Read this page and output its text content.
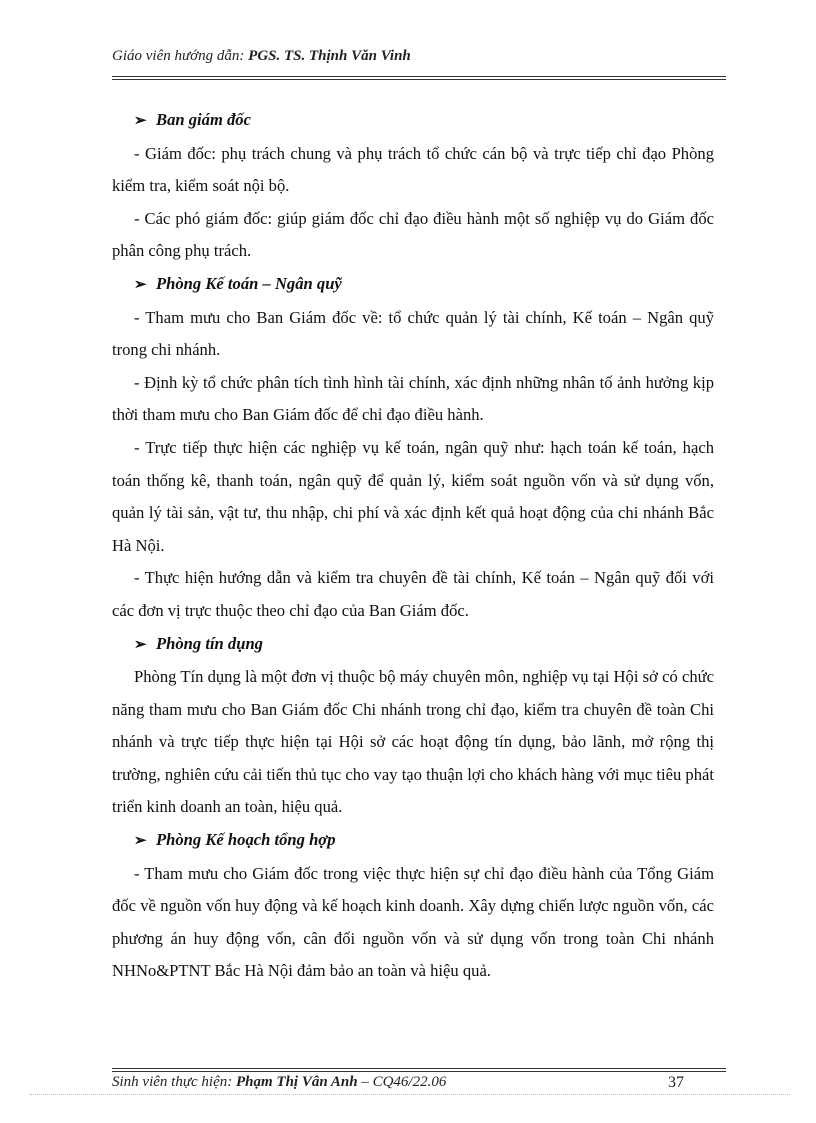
Giáo viên hướng dẫn: PGS. TS. Thịnh Văn Vinh
➢ Ban giám đốc

- Giám đốc: phụ trách chung và phụ trách tổ chức cán bộ và trực tiếp chỉ đạo Phòng kiểm tra, kiểm soát nội bộ.

- Các phó giám đốc: giúp giám đốc chỉ đạo điều hành một số nghiệp vụ do Giám đốc phân công phụ trách.

➢ Phòng Kế toán – Ngân quỹ

- Tham mưu cho Ban Giám đốc về: tổ chức quản lý tài chính, Kế toán – Ngân quỹ trong chi nhánh.

- Định kỳ tổ chức phân tích tình hình tài chính, xác định những nhân tố ảnh hưởng kịp thời tham mưu cho Ban Giám đốc để chỉ đạo điều hành.

- Trực tiếp thực hiện các nghiệp vụ kế toán, ngân quỹ như: hạch toán kế toán, hạch toán thống kê, thanh toán, ngân quỹ để quản lý, kiểm soát nguồn vốn và sử dụng vốn, quản lý tài sản, vật tư, thu nhập, chi phí và xác định kết quả hoạt động của chi nhánh Bắc Hà Nội.

- Thực hiện hướng dẫn và kiểm tra chuyên đề tài chính, Kế toán – Ngân quỹ đối với các đơn vị trực thuộc theo chỉ đạo của Ban Giám đốc.

➢ Phòng tín dụng

Phòng Tín dụng là một đơn vị thuộc bộ máy chuyên môn, nghiệp vụ tại Hội sở có chức năng tham mưu cho Ban Giám đốc Chi nhánh trong chỉ đạo, kiểm tra chuyên đề toàn Chi nhánh và trực tiếp thực hiện tại Hội sở các hoạt động tín dụng, bảo lãnh, mở rộng thị trường, nghiên cứu cải tiến thủ tục cho vay tạo thuận lợi cho khách hàng với mục tiêu phát triển kinh doanh an toàn, hiệu quả.

➢ Phòng Kế hoạch tổng hợp

- Tham mưu cho Giám đốc trong việc thực hiện sự chỉ đạo điều hành của Tổng Giám đốc về nguồn vốn huy động và kế hoạch kinh doanh. Xây dựng chiến lược nguồn vốn, các phương án huy động vốn, cân đối nguồn vốn và sử dụng vốn trong toàn Chi nhánh NHNo&PTNT Bắc Hà Nội đảm bảo an toàn và hiệu quả.

Sinh viên thực hiện: Phạm Thị Vân Anh – CQ46/22.06	37
